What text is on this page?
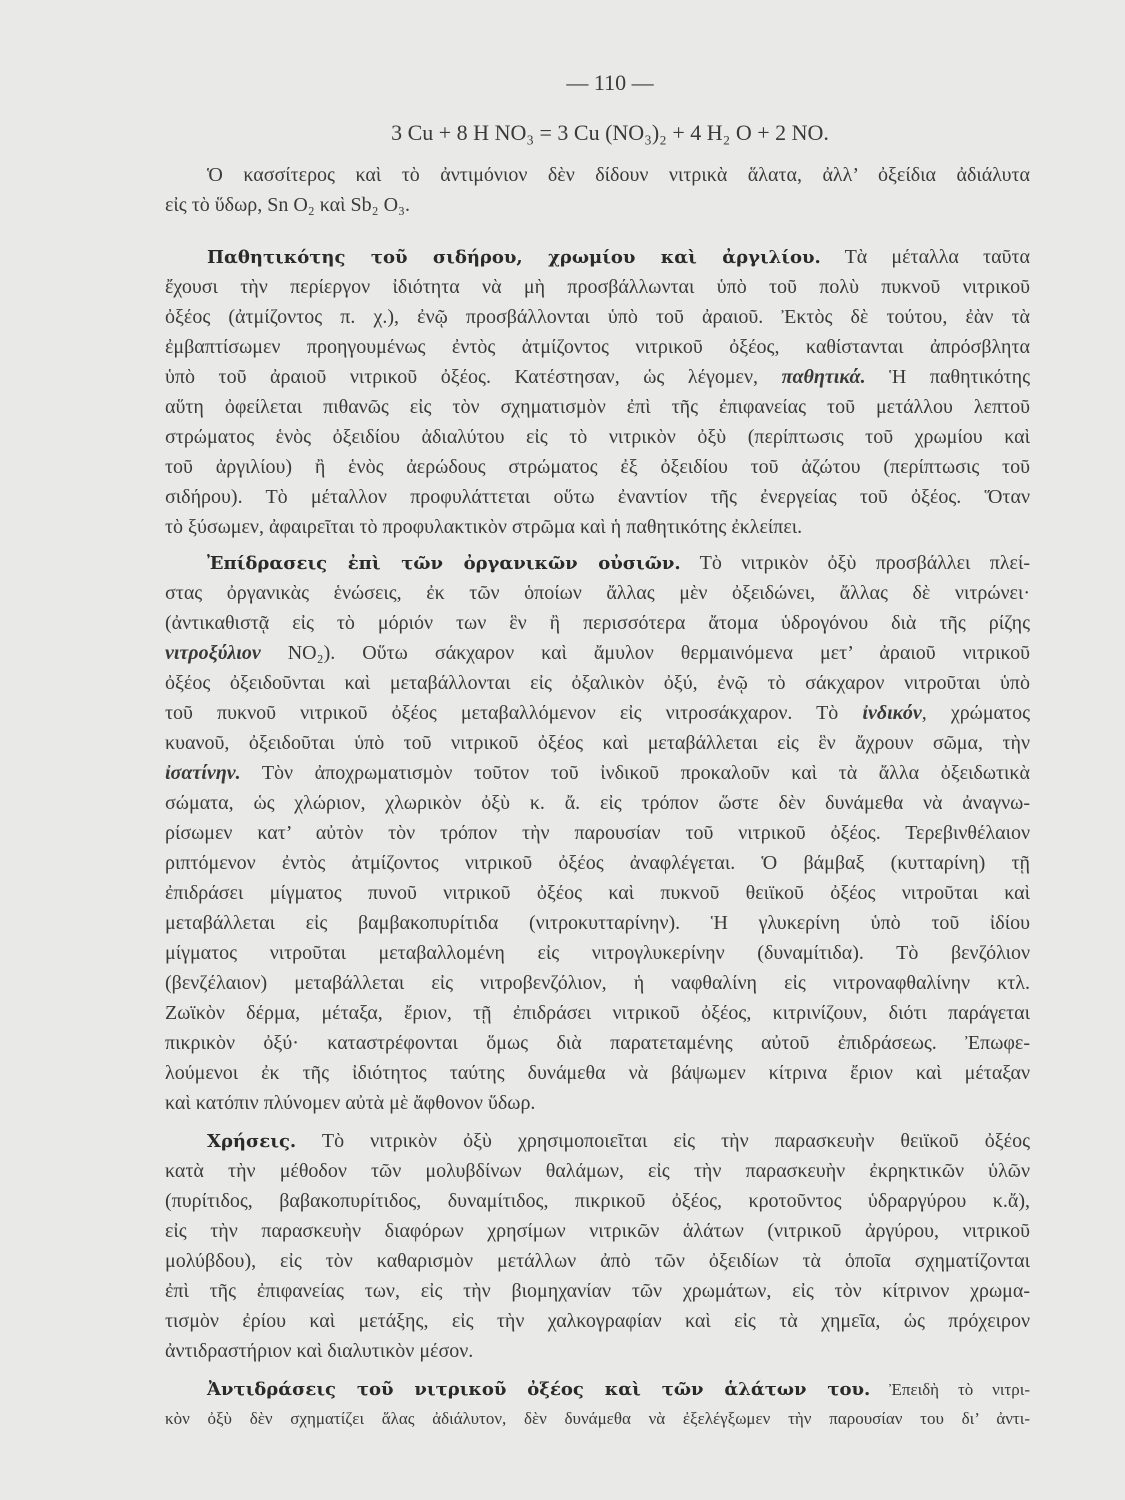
— 110 —
3 Cu + 8 H NO₃ = 3 Cu (NO₃)₂ + 4 H₂ O + 2 NO.
Ὁ κασσίτερος καὶ τὸ ἀντιμόνιον δὲν δίδουν νιτρικὰ ἅλατα, ἀλλ’ ὀξείδια ἀδιάλυτα
εἰς τὸ ὕδωρ, Sn O₂ καὶ Sb₂ O₃.
Παθητικότης τοῦ σιδήρου, χρωμίου καὶ ἀργιλίου. Τὰ μέταλλα ταῦτα
ἔχουσι τὴν περίεργον ἰδιότητα νὰ μὴ προσβάλλωνται ὑπὸ τοῦ πολὺ πυκνοῦ νιτρικοῦ
ὀξέος (ἀτμίζοντος π. χ.), ἐνῷ προσβάλλονται ὑπὸ τοῦ ἀραιοῦ. Ἐκτὸς δὲ τούτου, ἐὰν τὰ
ἐμβαπτίσωμεν προηγουμένως ἐντὸς ἀτμίζοντος νιτρικοῦ ὀξέος, καθίστανται ἀπρόσβλητα
ὑπὸ τοῦ ἀραιοῦ νιτρικοῦ ὀξέος. Κατέστησαν, ὡς λέγομεν, παθητικά. Ἡ παθητικότης
αὕτη ὀφείλεται πιθανῶς εἰς τὸν σχηματισμὸν ἐπὶ τῆς ἐπιφανείας τοῦ μετάλλου λεπτοῦ
στρώματος ἑνὸς ὀξειδίου ἀδιαλύτου εἰς τὸ νιτρικὸν ὀξὺ (περίπτωσις τοῦ χρωμίου καὶ
τοῦ ἀργιλίου) ἢ ἑνὸς ἀερώδους στρώματος ἐξ ὀξειδίου τοῦ ἀζώτου (περίπτωσις τοῦ
σιδήρου). Τὸ μέταλλον προφυλάττεται οὕτω ἐναντίον τῆς ἐνεργείας τοῦ ὀξέος. Ὅταν
τὸ ξύσωμεν, ἀφαιρεῖται τὸ προφυλακτικὸν στρῶμα καὶ ἡ παθητικότης ἐκλείπει.
Ἐπίδρασεις ἐπὶ τῶν ὀργανικῶν οὐσιῶν. Τὸ νιτρικὸν ὀξὺ προσβάλλει πλεί-
στας ὀργανικὰς ἑνώσεις, ἐκ τῶν ὁποίων ἄλλας μὲν ὀξειδώνει, ἄλλας δὲ νιτρώνει·
(ἀντικαθιστᾷ εἰς τὸ μόριόν των ἓν ἢ περισσότερα ἄτομα ὑδρογόνου διὰ τῆς ρίζης
νιτροξύλιον NO₂). Οὕτω σάκχαρον καὶ ἄμυλον θερμαινόμενα μετ’ ἀραιοῦ νιτρικοῦ
ὀξέος ὀξειδοῦνται καὶ μεταβάλλονται εἰς ὀξαλικὸν ὀξύ, ἐνῷ τὸ σάκχαρον νιτροῦται ὑπὸ
τοῦ πυκνοῦ νιτρικοῦ ὀξέος μεταβαλλόμενον εἰς νιτροσάκχαρον. Τὸ ἰνδικόν, χρώματος
κυανοῦ, ὀξειδοῦται ὑπὸ τοῦ νιτρικοῦ ὀξέος καὶ μεταβάλλεται εἰς ἓν ἄχρουν σῶμα, τὴν
ἰσατίνην. Τὸν ἀποχρωματισμὸν τοῦτον τοῦ ἰνδικοῦ προκαλοῦν καὶ τὰ ἄλλα ὀξειδωτικὰ
σώματα, ὡς χλώριον, χλωρικὸν ὀξὺ κ. ἄ. εἰς τρόπον ὥστε δὲν δυνάμεθα νὰ ἀναγνω-
ρίσωμεν κατ’ αὐτὸν τὸν τρόπον τὴν παρουσίαν τοῦ νιτρικοῦ ὀξέος. Τερεβινθέλαιον
ριπτόμενον ἐντὸς ἀτμίζοντος νιτρικοῦ ὀξέος ἀναφλέγεται. Ὁ βάμβαξ (κυτταρίνη) τῇ
ἐπιδράσει μίγματος πυνοῦ νιτρικοῦ ὀξέος καὶ πυκνοῦ θειϊκοῦ ὀξέος νιτροῦται καὶ
μεταβάλλεται εἰς βαμβακοπυρίτιδα (νιτροκυτταρίνην). Ἡ γλυκερίνη ὑπὸ τοῦ ἰδίου
μίγματος νιτροῦται μεταβαλλομένη εἰς νιτρογλυκερίνην (δυναμίτιδα). Τὸ βενζόλιον
(βενζέλαιον) μεταβάλλεται εἰς νιτροβενζόλιον, ἡ ναφθαλίνη εἰς νιτροναφθαλίνην κτλ.
Ζωϊκὸν δέρμα, μέταξα, ἔριον, τῇ ἐπιδράσει νιτρικοῦ ὀξέος, κιτρινίζουν, διότι παράγεται
πικρικὸν ὀξύ· καταστρέφονται ὅμως διὰ παρατεταμένης αὐτοῦ ἐπιδράσεως. Ἐπωφε-
λούμενοι ἐκ τῆς ἰδιότητος ταύτης δυνάμεθα νὰ βάψωμεν κίτρινα ἔριον καὶ μέταξαν
καὶ κατόπιν πλύνομεν αὐτὰ μὲ ἄφθονον ὕδωρ.
Χρήσεις. Τὸ νιτρικὸν ὀξὺ χρησιμοποιεῖται εἰς τὴν παρασκευὴν θειϊκοῦ ὀξέος
κατὰ τὴν μέθοδον τῶν μολυβδίνων θαλάμων, εἰς τὴν παρασκευὴν ἐκρηκτικῶν ὑλῶν
(πυρίτιδος, βαβακοπυρίτιδος, δυναμίτιδος, πικρικοῦ ὀξέος, κροτοῦντος ὑδραργύρου κ.ἄ),
εἰς τὴν παρασκευὴν διαφόρων χρησίμων νιτρικῶν ἁλάτων (νιτρικοῦ ἀργύρου, νιτρικοῦ
μολύβδου), εἰς τὸν καθαρισμὸν μετάλλων ἀπὸ τῶν ὀξειδίων τὰ ὁποῖα σχηματίζονται
ἐπὶ τῆς ἐπιφανείας των, εἰς τὴν βιομηχανίαν τῶν χρωμάτων, εἰς τὸν κίτρινον χρωμα-
τισμὸν ἐρίου καὶ μετάξης, εἰς τὴν χαλκογραφίαν καὶ εἰς τὰ χημεῖα, ὡς πρόχειρον
ἀντιδραστήριον καὶ διαλυτικὸν μέσον.
Ἀντιδράσεις τοῦ νιτρικοῦ ὀξέος καὶ τῶν ἁλάτων του. Ἐπειδὴ τὸ νιτρι-
κὸν ὀξὺ δὲν σχηματίζει ἅλας ἀδιάλυτον, δὲν δυνάμεθα νὰ ἐξελέγξωμεν τὴν παρουσίαν του δι’ ἀντι-
